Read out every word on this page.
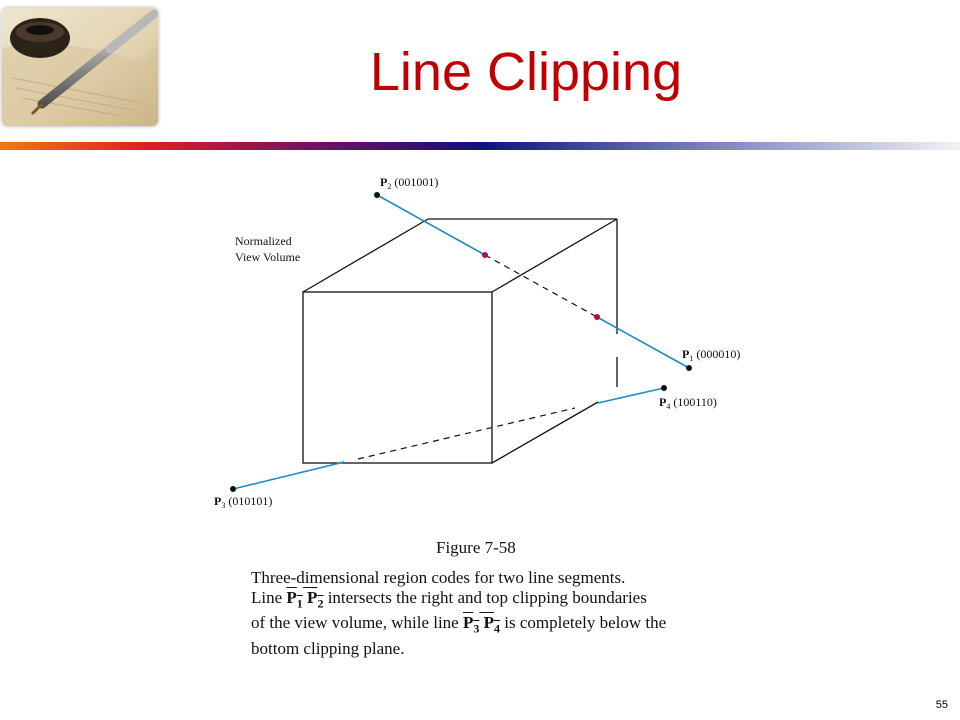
Line Clipping
Normalized
View Volume
$P_2$ (001001)
$P_1$ (000010)
$P_4$ (100110)
$P_3$ (010101)
Figure 7-58

Three-dimensional region codes for two line segments.

Line $P_1$ $P_2$ intersects the right and top clipping boundaries

of the view volume, while line $P_3$ $P_4$ is completely below the

bottom clipping plane.

55
